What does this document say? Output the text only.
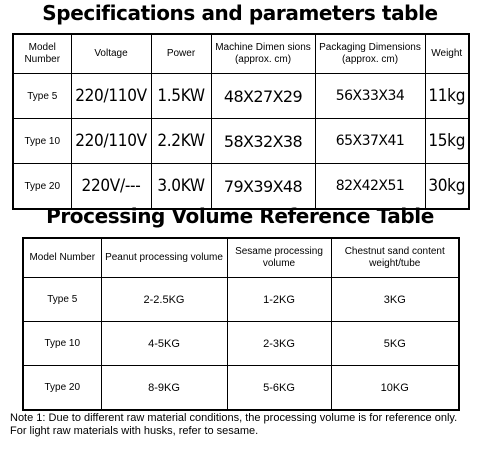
Specifications and parameters table
Model Number	Voltage	Power	Machine Dimen sions (approx. cm)	Packaging Dimensions (approx. cm)	Weight
Type 5	220/110V	1.5KW	48X27X29	56X33X34	11kg
Type 10	220/110V	2.2KW	58X32X38	65X37X41	15kg
Type 20	220V/---	3.0KW	79X39X48	82X42X51	30kg
Processing Volume Reference Table
Model Number	Peanut processing volume	Sesame processing volume	Chestnut sand content weight/tube
Type 5	2-2.5KG	1-2KG	3KG
Type 10	4-5KG	2-3KG	5KG
Type 20	8-9KG	5-6KG	10KG
Note 1: Due to different raw material conditions, the processing volume is for reference only. For light raw materials with husks, refer to sesame.
